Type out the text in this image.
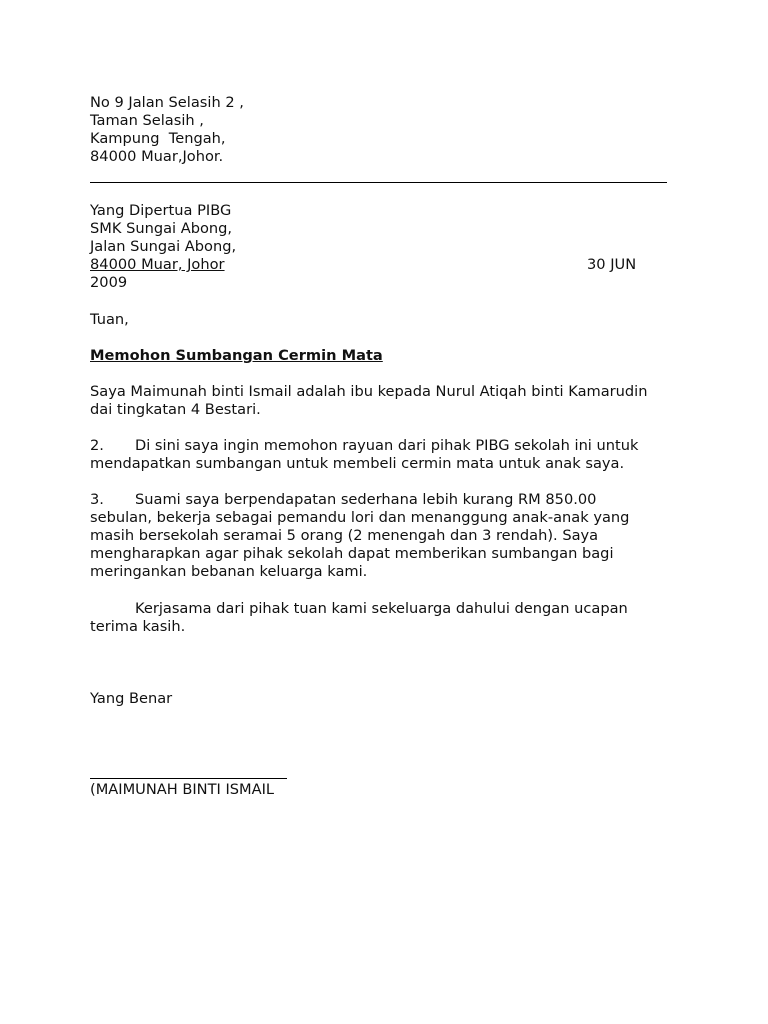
No 9 Jalan Selasih 2 ,
Taman Selasih ,
Kampung  Tengah,
84000 Muar,Johor.
Yang Dipertua PIBG
SMK Sungai Abong,
Jalan Sungai Abong,
84000 Muar, Johor	30 JUN
2009
Tuan,
Memohon Sumbangan Cermin Mata
Saya Maimunah binti Ismail adalah ibu kepada Nurul Atiqah binti Kamarudin
dai tingkatan 4 Bestari.
2. Di sini saya ingin memohon rayuan dari pihak PIBG sekolah ini untuk
mendapatkan sumbangan untuk membeli cermin mata untuk anak saya.
3. Suami saya berpendapatan sederhana lebih kurang RM 850.00
sebulan, bekerja sebagai pemandu lori dan menanggung anak-anak yang
masih bersekolah seramai 5 orang (2 menengah dan 3 rendah). Saya
mengharapkan agar pihak sekolah dapat memberikan sumbangan bagi
meringankan bebanan keluarga kami.
Kerjasama dari pihak tuan kami sekeluarga dahului dengan ucapan
terima kasih.
Yang Benar
(MAIMUNAH BINTI ISMAIL
